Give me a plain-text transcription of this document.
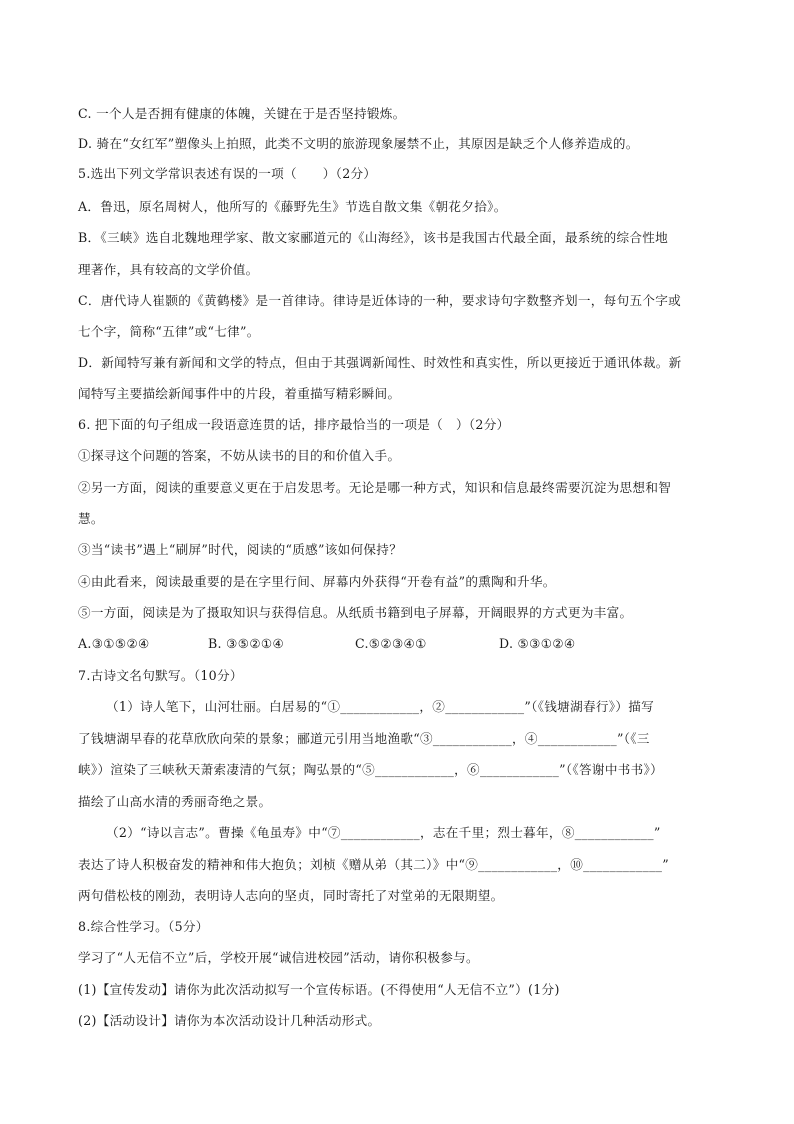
C. 一个人是否拥有健康的体魄，关键在于是否坚持锻炼。
D. 骑在“女红军”塑像头上拍照，此类不文明的旅游现象屡禁不止，其原因是缺乏个人修养造成的。
5.选出下列文学常识表述有误的一项（　　）（2分）
A．鲁迅，原名周树人，他所写的《藤野先生》节选自散文集《朝花夕拾》。
B．《三峡》选自北魏地理学家、散文家郦道元的《山海经》，该书是我国古代最全面，最系统的综合性地
理著作，具有较高的文学价值。
C．唐代诗人崔颢的《黄鹤楼》是一首律诗。律诗是近体诗的一种，要求诗句字数整齐划一，每句五个字或
七个字，简称“五律”或“七律”。
D．新闻特写兼有新闻和文学的特点，但由于其强调新闻性、时效性和真实性，所以更接近于通讯体裁。新
闻特写主要描绘新闻事件中的片段，着重描写精彩瞬间。
6. 把下面的句子组成一段语意连贯的话，排序最恰当的一项是（　）（2分）
①探寻这个问题的答案，不妨从读书的目的和价值入手。
②另一方面，阅读的重要意义更在于启发思考。无论是哪一种方式，知识和信息最终需要沉淀为思想和智
慧。
③当“读书”遇上“刷屏”时代，阅读的“质感”该如何保持？
④由此看来，阅读最重要的是在字里行间、屏幕内外获得“开卷有益”的熏陶和升华。
⑤一方面，阅读是为了摄取知识与获得信息。从纸质书籍到电子屏幕，开阔眼界的方式更为丰富。
A.③①⑤②④	B. ③⑤②①④	C.⑤②③④①	D. ⑤③①②④
7.古诗文名句默写。（10分）
（1）诗人笔下，山河壮丽。白居易的“①____________，②____________”（《钱塘湖春行》）描写
了钱塘湖早春的花草欣欣向荣的景象；郦道元引用当地渔歌“③____________，④____________”（《三
峡》）渲染了三峡秋天萧索凄清的气氛；陶弘景的“⑤____________，⑥____________”（《答谢中书书》）
描绘了山高水清的秀丽奇绝之景。
（2）“诗以言志”。曹操《龟虽寿》中“⑦____________，志在千里；烈士暮年，⑧____________”
表达了诗人积极奋发的精神和伟大抱负；刘桢《赠从弟（其二）》中“⑨____________，⑩____________”
两句借松枝的刚劲，表明诗人志向的坚贞，同时寄托了对堂弟的无限期望。
8.综合性学习。（5分）
学习了“人无信不立”后，学校开展“诚信进校园”活动，请你积极参与。
(1)【宣传发动】请你为此次活动拟写一个宣传标语。(不得使用“人无信不立”）(1分)
(2)【活动设计】请你为本次活动设计几种活动形式。
